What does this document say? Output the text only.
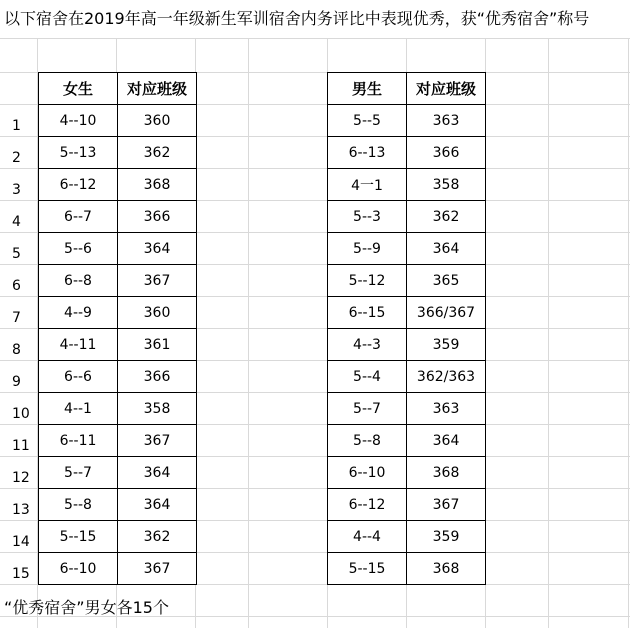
以下宿舍在2019年高一年级新生军训宿舍内务评比中表现优秀，获“优秀宿舍”称号
1
2
3
4
5
6
7
8
9
10
11
12
13
14
15
女生	对应班级
4--10	360
5--13	362
6--12	368
6--7	366
5--6	364
6--8	367
4--9	360
4--11	361
6--6	366
4--1	358
6--11	367
5--7	364
5--8	364
5--15	362
6--10	367
男生	对应班级
5--5	363
6--13	366
4一1	358
5--3	362
5--9	364
5--12	365
6--15	366/367
4--3	359
5--4	362/363
5--7	363
5--8	364
6--10	368
6--12	367
4--4	359
5--15	368
“优秀宿舍”男女各15个
